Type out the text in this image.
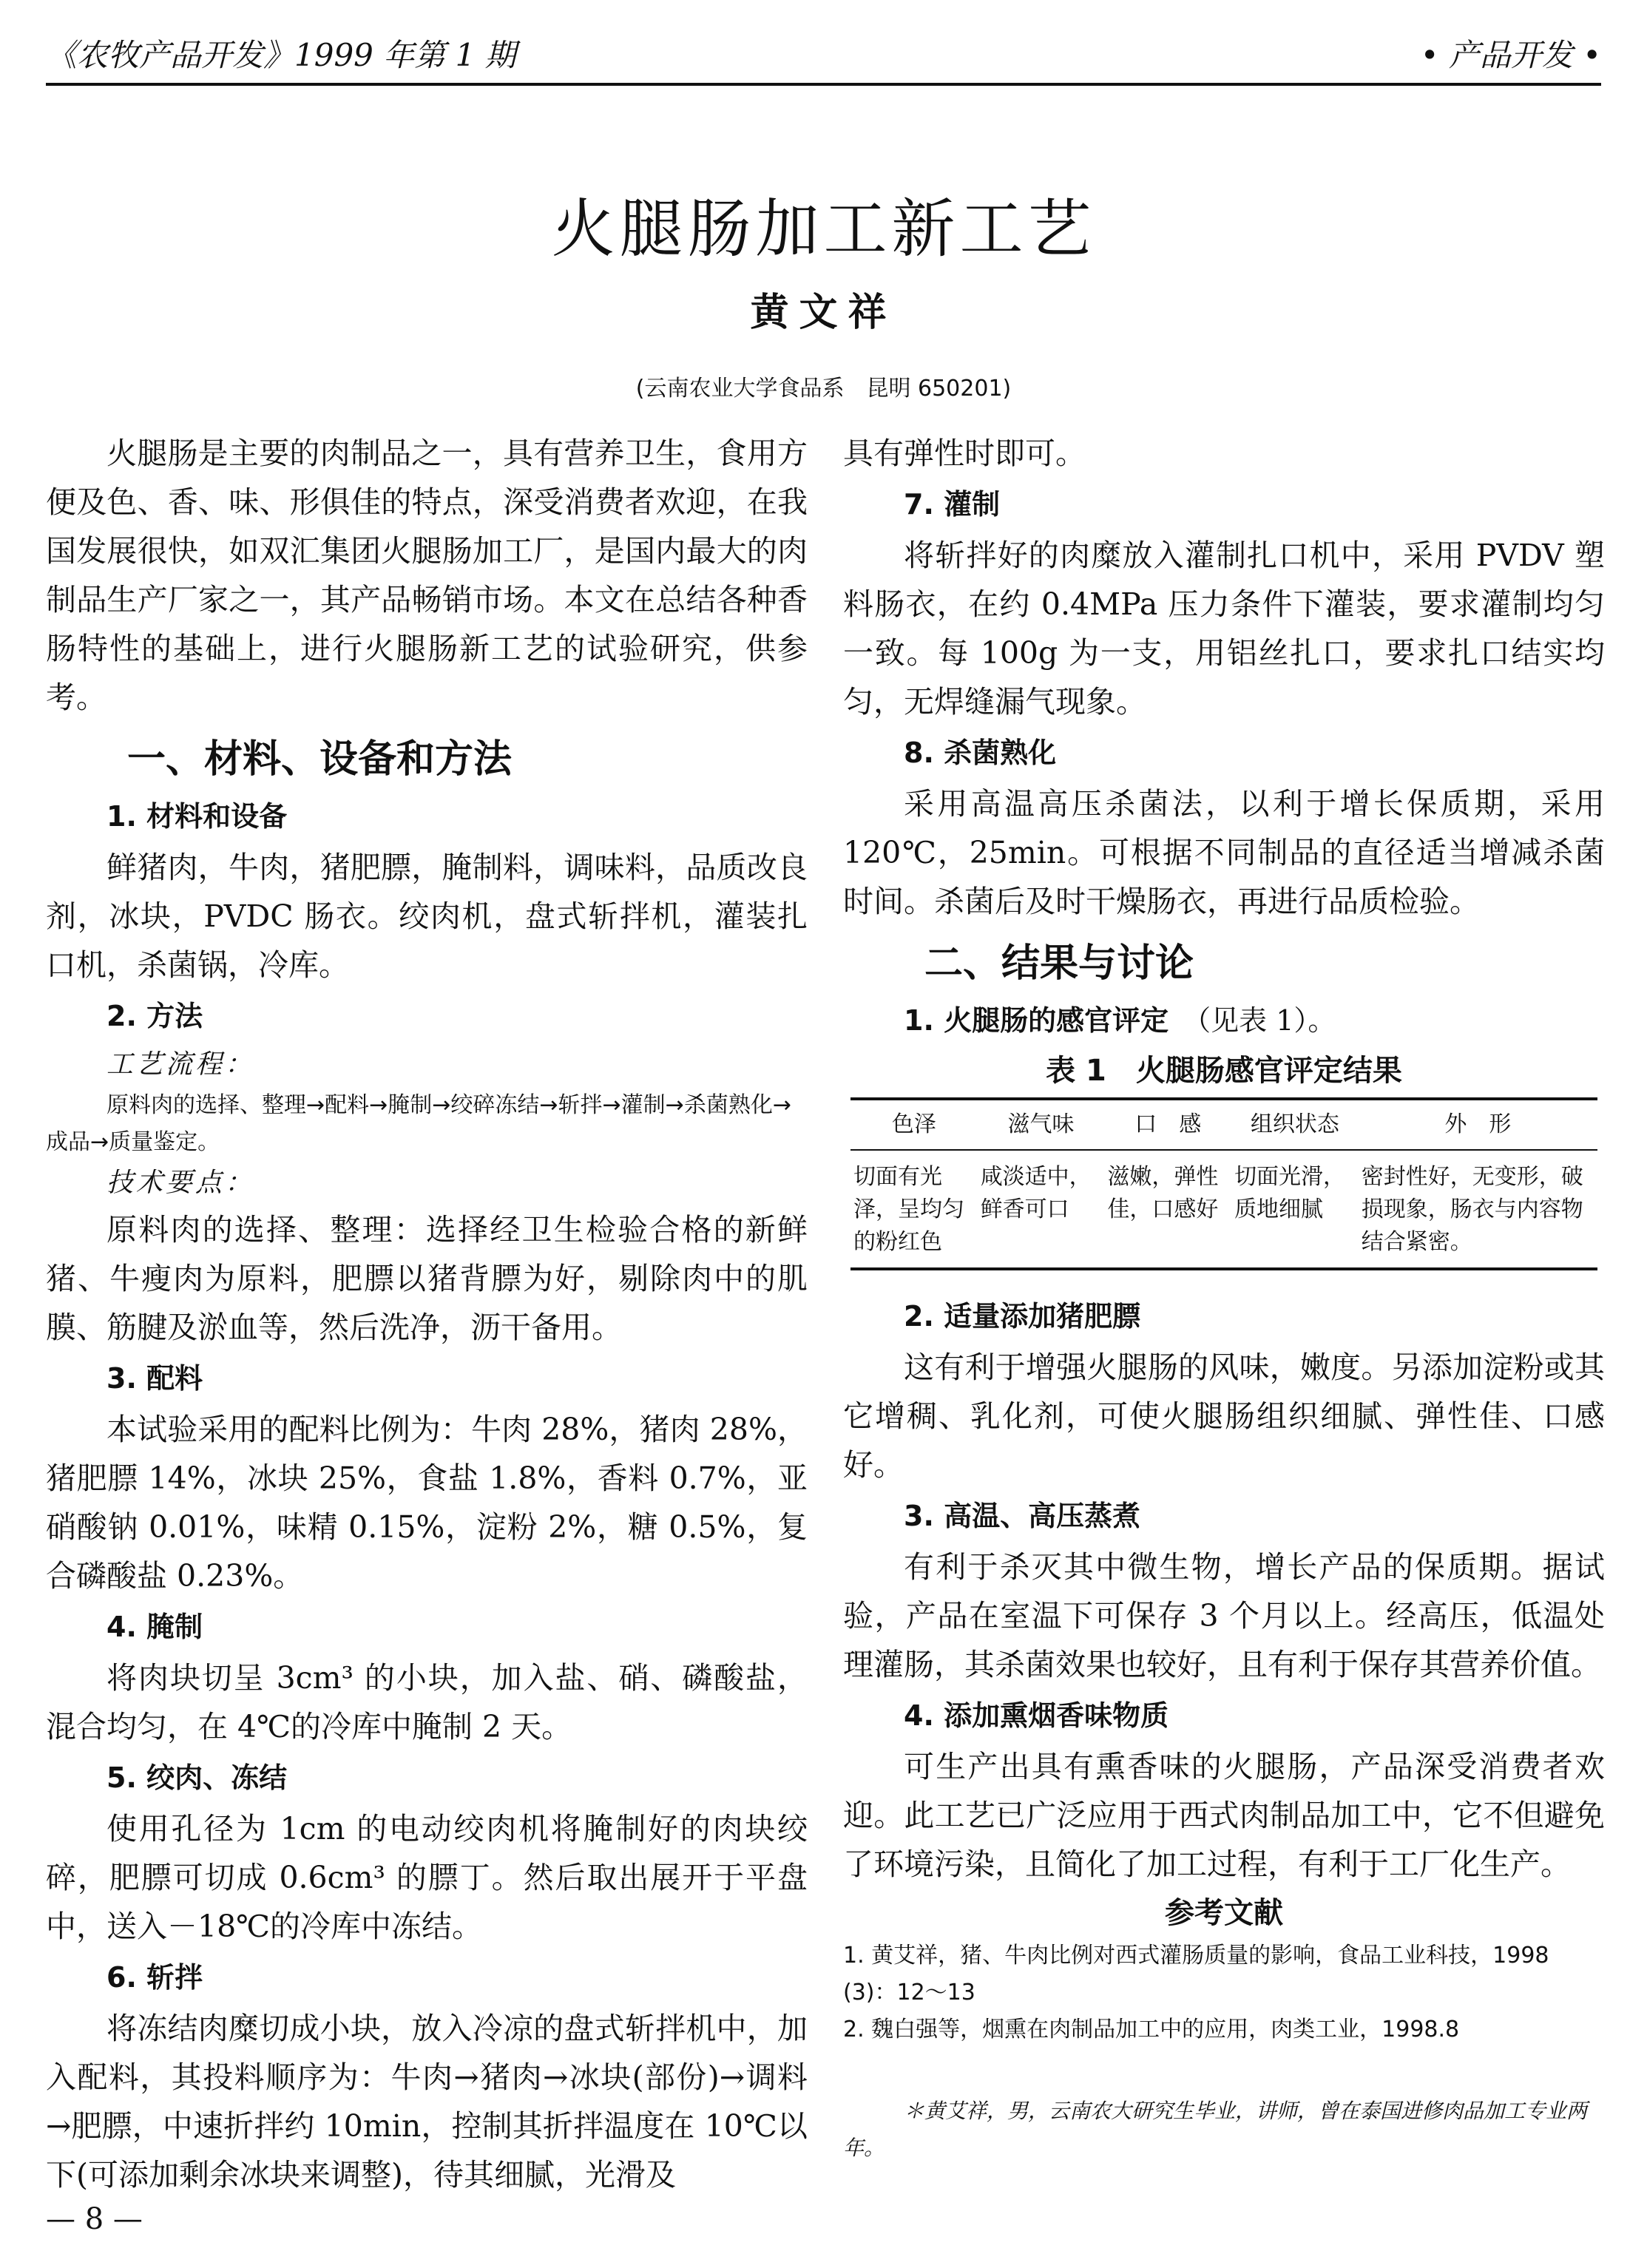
《农牧产品开发》1999 年第 1 期	• 产品开发 •
火腿肠加工新工艺
黄文祥
(云南农业大学食品系　昆明 650201)

火腿肠是主要的肉制品之一，具有营养卫生，食用方便及色、香、味、形俱佳的特点，深受消费者欢迎，在我国发展很快，如双汇集团火腿肠加工厂，是国内最大的肉制品生产厂家之一，其产品畅销市场。本文在总结各种香肠特性的基础上，进行火腿肠新工艺的试验研究，供参考。

一、材料、设备和方法
1. 材料和设备

鲜猪肉，牛肉，猪肥膘，腌制料，调味料，品质改良剂，冰块，PVDC 肠衣。绞肉机，盘式斩拌机，灌装扎口机，杀菌锅，冷库。

2. 方法
工艺流程：
原料肉的选择、整理→配料→腌制→绞碎冻结→斩拌→灌制→杀菌熟化→成品→质量鉴定。
技术要点：

原料肉的选择、整理：选择经卫生检验合格的新鲜猪、牛瘦肉为原料，肥膘以猪背膘为好，剔除肉中的肌膜、筋腱及淤血等，然后洗净，沥干备用。

3. 配料

本试验采用的配料比例为：牛肉 28%，猪肉 28%，猪肥膘 14%，冰块 25%，食盐 1.8%，香料 0.7%，亚硝酸钠 0.01%，味精 0.15%，淀粉 2%，糖 0.5%，复合磷酸盐 0.23%。

4. 腌制

将肉块切呈 3cm³ 的小块，加入盐、硝、磷酸盐，混合均匀，在 4℃的冷库中腌制 2 天。

5. 绞肉、冻结

使用孔径为 1cm 的电动绞肉机将腌制好的肉块绞碎，肥膘可切成 0.6cm³ 的膘丁。然后取出展开于平盘中，送入－18℃的冷库中冻结。

6. 斩拌

将冻结肉糜切成小块，放入冷凉的盘式斩拌机中，加入配料，其投料顺序为：牛肉→猪肉→冰块(部份)→调料→肥膘，中速折拌约 10min，控制其折拌温度在 10℃以下(可添加剩余冰块来调整)，待其细腻，光滑及

具有弹性时即可。

7. 灌制

将斩拌好的肉糜放入灌制扎口机中，采用 PVDV 塑料肠衣，在约 0.4MPa 压力条件下灌装，要求灌制均匀一致。每 100g 为一支，用铝丝扎口，要求扎口结实均匀，无焊缝漏气现象。

8. 杀菌熟化

采用高温高压杀菌法，以利于增长保质期，采用 120℃，25min。可根据不同制品的直径适当增减杀菌时间。杀菌后及时干燥肠衣，再进行品质检验。

二、结果与讨论
1. 火腿肠的感官评定　 （见表 1）。
表 1　火腿肠感官评定结果
色泽	滋气味	口　感	组织状态	外　形
切面有光泽，呈均匀的粉红色	咸淡适中，鲜香可口	滋嫩，弹性佳，口感好	切面光滑，质地细腻	密封性好，无变形，破损现象，肠衣与内容物结合紧密。
2. 适量添加猪肥膘

这有利于增强火腿肠的风味，嫩度。另添加淀粉或其它增稠、乳化剂，可使火腿肠组织细腻、弹性佳、口感好。

3. 高温、高压蒸煮

有利于杀灭其中微生物，增长产品的保质期。据试验，产品在室温下可保存 3 个月以上。经高压，低温处理灌肠，其杀菌效果也较好，且有利于保存其营养价值。

4. 添加熏烟香味物质

可生产出具有熏香味的火腿肠，产品深受消费者欢迎。此工艺已广泛应用于西式肉制品加工中，它不但避免了环境污染，且简化了加工过程，有利于工厂化生产。

参考文献
1. 黄艾祥，猪、牛肉比例对西式灌肠质量的影响，食品工业科技，1998 (3)：12～13
2. 魏白强等，烟熏在肉制品加工中的应用，肉类工业，1998.8
＊黄艾祥，男，云南农大研究生毕业，讲师，曾在泰国进修肉品加工专业两年。
— 8 —
